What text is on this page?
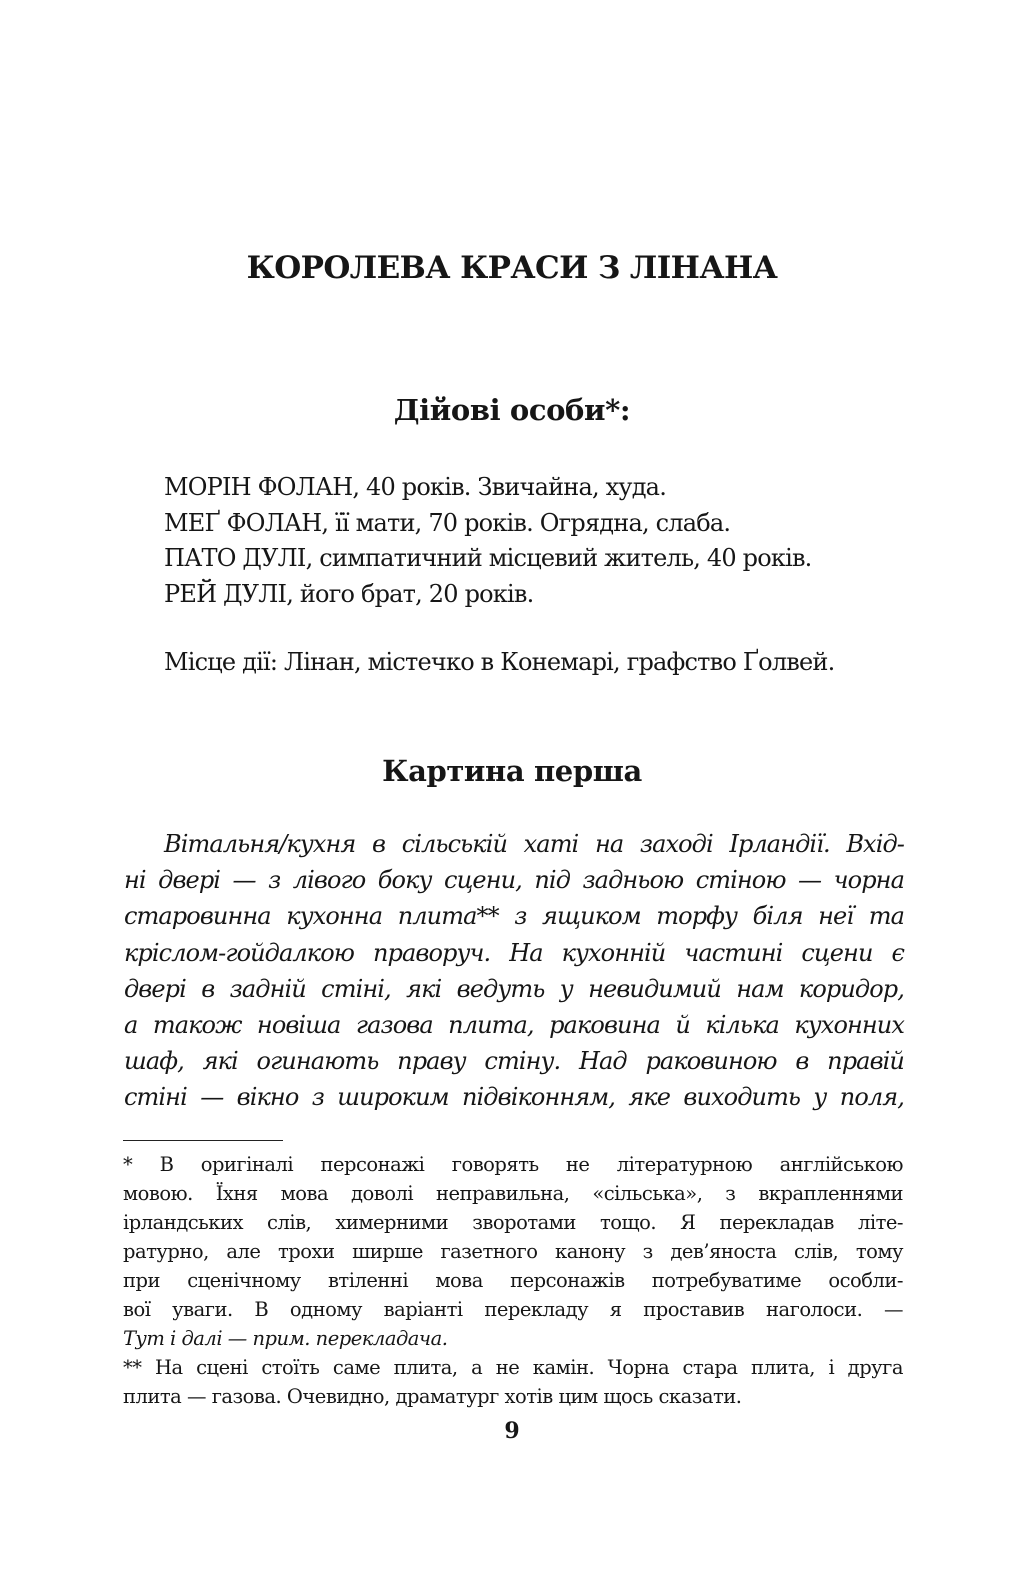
КОРОЛЕВА КРАСИ З ЛІНАНА
Дійові особи*:
МОРІН ФОЛАН, 40 років. Звичайна, худа.
МЕҐ ФОЛАН, її мати, 70 років. Огрядна, слаба.
ПАТО ДУЛІ, симпатичний місцевий житель, 40 років.
РЕЙ ДУЛІ, його брат, 20 років.
Місце дії: Лінан, містечко в Конемарі, графство Ґолвей.
Картина перша
Вітальня/кухня в сільській хаті на заході Ірландії. Вхід-
ні двері — з лівого боку сцени, під задньою стіною — чорна
старовинна кухонна плита** з ящиком торфу біля неї та
кріслом-гойдалкою праворуч. На кухонній частині сцени є
двері в задній стіні, які ведуть у невидимий нам коридор,
а також новіша газова плита, раковина й кілька кухонних
шаф, які огинають праву стіну. Над раковиною в правій
стіні — вікно з широким підвіконням, яке виходить у поля,
* В оригіналі персонажі говорять не літературною англійською
мовою. Їхня мова доволі неправильна, «сільська», з вкрапленнями
ірландських слів, химерними зворотами тощо. Я перекладав літе-
ратурно, але трохи ширше газетного канону з дев’яноста слів, тому
при сценічному втіленні мова персонажів потребуватиме особли-
вої уваги. В одному варіанті перекладу я проставив наголоси. —
Тут і далі — прим. перекладача.
** На сцені стоїть саме плита, а не камін. Чорна стара плита, і друга
плита — газова. Очевидно, драматург хотів цим щось сказати.
9
